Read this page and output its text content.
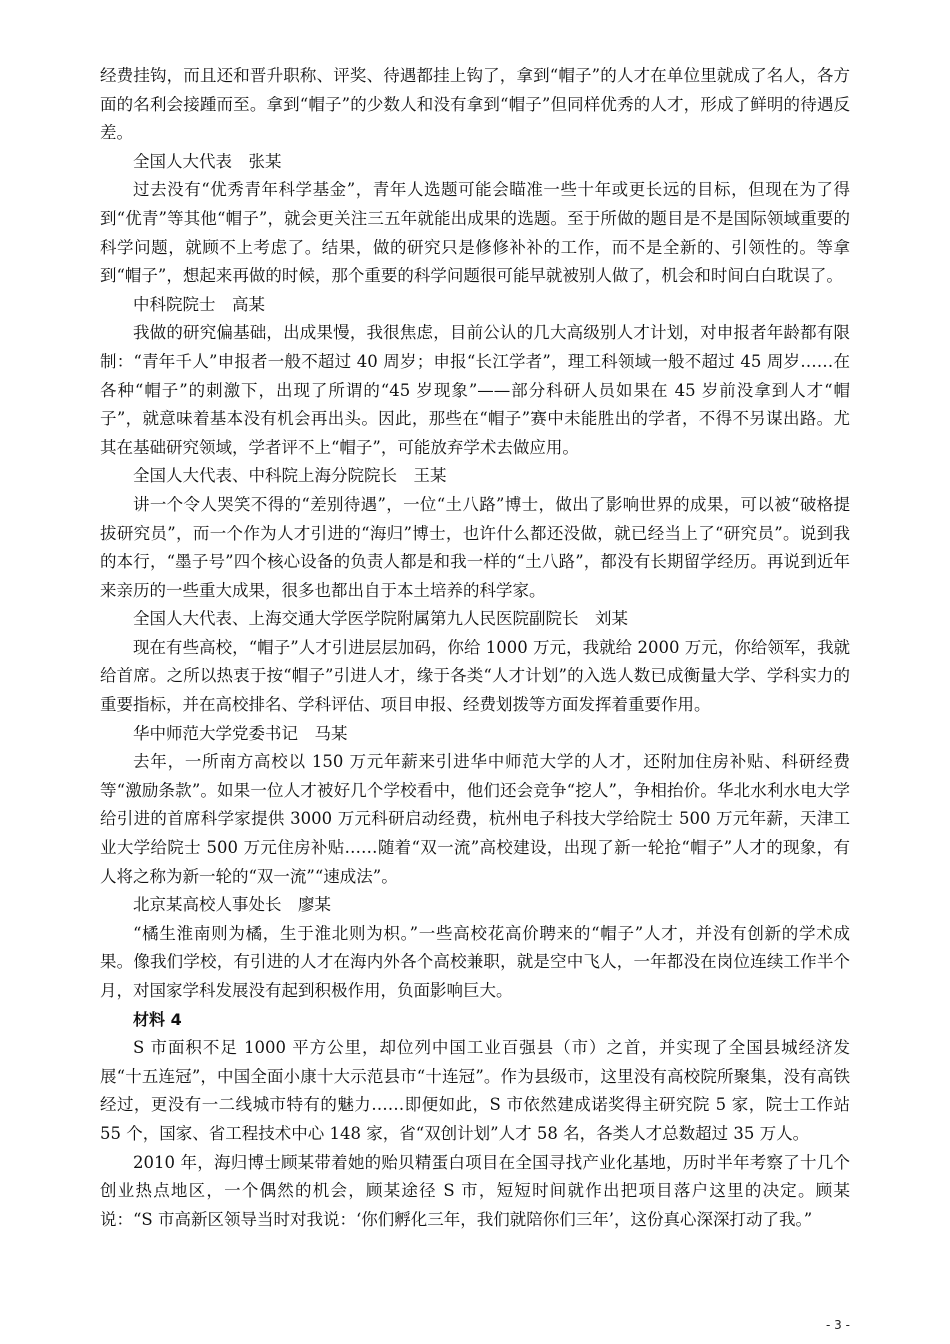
经费挂钩，而且还和晋升职称、评奖、待遇都挂上钩了，拿到“帽子”的人才在单位里就成了名人，各方面的名利会接踵而至。拿到“帽子”的少数人和没有拿到“帽子”但同样优秀的人才，形成了鲜明的待遇反差。

全国人大代表　张某

过去没有“优秀青年科学基金”，青年人选题可能会瞄准一些十年或更长远的目标，但现在为了得到“优青”等其他“帽子”，就会更关注三五年就能出成果的选题。至于所做的题目是不是国际领域重要的科学问题，就顾不上考虑了。结果，做的研究只是修修补补的工作，而不是全新的、引领性的。等拿到“帽子”，想起来再做的时候，那个重要的科学问题很可能早就被别人做了，机会和时间白白耽误了。

中科院院士　高某

我做的研究偏基础，出成果慢，我很焦虑，目前公认的几大高级别人才计划，对申报者年龄都有限制：“青年千人”申报者一般不超过 40 周岁；申报“长江学者”，理工科领域一般不超过 45 周岁……在各种“帽子”的刺激下，出现了所谓的“45 岁现象”——部分科研人员如果在 45 岁前没拿到人才“帽子”，就意味着基本没有机会再出头。因此，那些在“帽子”赛中未能胜出的学者，不得不另谋出路。尤其在基础研究领域，学者评不上“帽子”，可能放弃学术去做应用。

全国人大代表、中科院上海分院院长　王某

讲一个令人哭笑不得的“差别待遇”，一位“土八路”博士，做出了影响世界的成果，可以被“破格提拔研究员”，而一个作为人才引进的“海归”博士，也许什么都还没做，就已经当上了“研究员”。说到我的本行，“墨子号”四个核心设备的负责人都是和我一样的“土八路”，都没有长期留学经历。再说到近年来亲历的一些重大成果，很多也都出自于本土培养的科学家。

全国人大代表、上海交通大学医学院附属第九人民医院副院长　刘某

现在有些高校，“帽子”人才引进层层加码，你给 1000 万元，我就给 2000 万元，你给领军，我就给首席。之所以热衷于按“帽子”引进人才，缘于各类“人才计划”的入选人数已成衡量大学、学科实力的重要指标，并在高校排名、学科评估、项目申报、经费划拨等方面发挥着重要作用。

华中师范大学党委书记　马某

去年，一所南方高校以 150 万元年薪来引进华中师范大学的人才，还附加住房补贴、科研经费等“激励条款”。如果一位人才被好几个学校看中，他们还会竞争“挖人”，争相抬价。华北水利水电大学给引进的首席科学家提供 3000 万元科研启动经费，杭州电子科技大学给院士 500 万元年薪，天津工业大学给院士 500 万元住房补贴……随着“双一流”高校建设，出现了新一轮抢“帽子”人才的现象，有人将之称为新一轮的“双一流”“速成法”。

北京某高校人事处长　廖某

“橘生淮南则为橘，生于淮北则为枳。”一些高校花高价聘来的“帽子”人才，并没有创新的学术成果。像我们学校，有引进的人才在海内外各个高校兼职，就是空中飞人，一年都没在岗位连续工作半个月，对国家学科发展没有起到积极作用，负面影响巨大。

材料 4

S 市面积不足 1000 平方公里，却位列中国工业百强县（市）之首，并实现了全国县城经济发展“十五连冠”，中国全面小康十大示范县市“十连冠”。作为县级市，这里没有高校院所聚集，没有高铁经过，更没有一二线城市特有的魅力……即便如此，S 市依然建成诺奖得主研究院 5 家，院士工作站 55 个，国家、省工程技术中心 148 家，省“双创计划”人才 58 名，各类人才总数超过 35 万人。

2010 年，海归博士顾某带着她的贻贝精蛋白项目在全国寻找产业化基地，历时半年考察了十几个创业热点地区，一个偶然的机会，顾某途径 S 市，短短时间就作出把项目落户这里的决定。顾某说：“S 市高新区领导当时对我说：‘你们孵化三年，我们就陪你们三年’，这份真心深深打动了我。”

- 3 -
